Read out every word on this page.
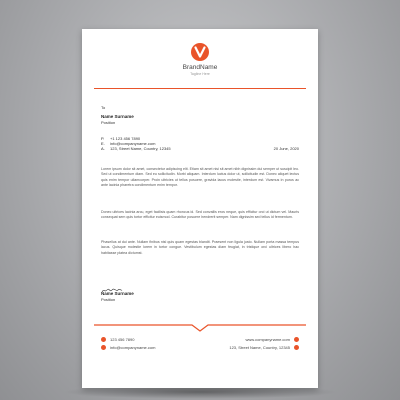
BrandName
Tagline Here
To
Name Surname
Position
P.	+1 123 456 7890
E.	info@companyname.com
A.	123, Street Name, Country, 12345	20 June, 2020
Lorem ipsum dolor sit amet, consectetur adipiscing elit. Etiam sit amet nisi sit amet nibh dignissim dui semper ut suscipit leo. Sed ut condimentum diam. Sed eu sollicitudin. Morbi aliquam. Interdum luctus dolor ut, sollicitudin est. Donec aliquet lectus quis enim tempor ullamcorper. Proin ultricies ut tellus posuere, gravida lacus molestie, interdum est. Vivamus in purus ac ante lacinia pharetra condimentum enim tempor.
Donec ultrices lacinia arcu, eget facilisis quam rhoncus id. Sed convallis eros neque, quis efficitur orci ut dictum vel. Mauris consequat sem quis tortor efficitur euismod. Curabitur posuere hendrerit semper. Nam dignissim sed tellus id fermentum.
Phasellus at dui ante. Nullam finibus nisl quis quam egestas blandit. Praesent non ligula justo. Nullam porta massa tempus lacus. Quisque molestie lorem in tortor congue. Vestibulum egestas diam feugiat, in tristique orci ultrices libero hac habitasse platea dictumst.
Name Surname
Position
123 456 7890
info@companyname.com
www.companyname.com
123, Street Name, Country, 12345
